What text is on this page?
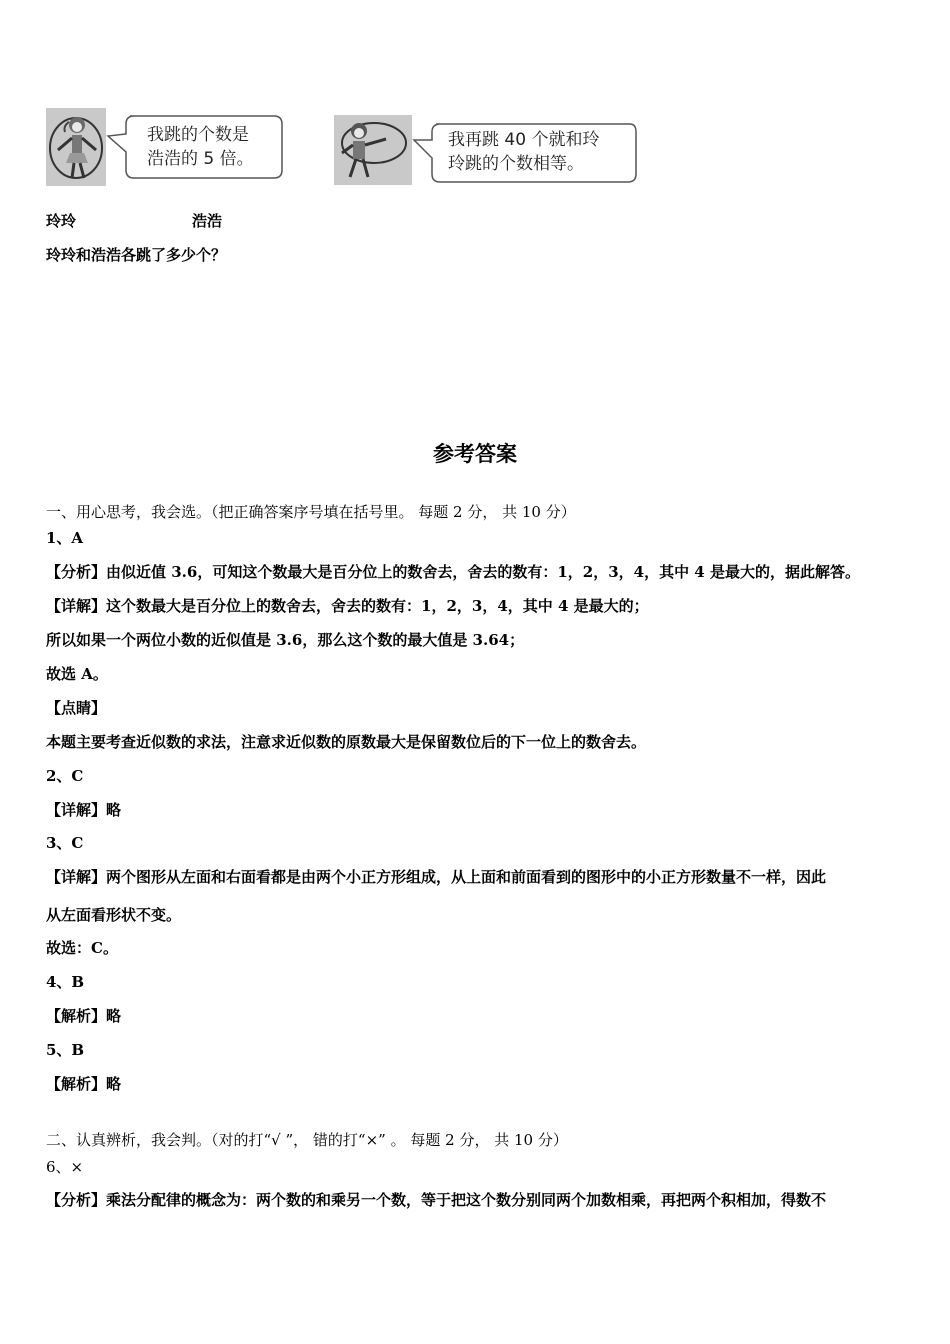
我跳的个数是
浩浩的 5 倍。
我再跳 40 个就和玲
玲跳的个数相等。
玲玲	浩浩
玲玲和浩浩各跳了多少个？
参考答案
一、用心思考，我会选。（把正确答案序号填在括号里。 每题 2 分， 共 10 分）
1、A
【分析】由似近值 3.6，可知这个数最大是百分位上的数舍去，舍去的数有：1，2，3，4，其中 4 是最大的，据此解答。
【详解】这个数最大是百分位上的数舍去，舍去的数有：1，2，3，4，其中 4 是最大的；
所以如果一个两位小数的近似值是 3.6，那么这个数的最大值是 3.64；
故选 A。
【点睛】
本题主要考查近似数的求法，注意求近似数的原数最大是保留数位后的下一位上的数舍去。
2、C
【详解】略
3、C
【详解】两个图形从左面和右面看都是由两个小正方形组成，从上面和前面看到的图形中的小正方形数量不一样，因此
从左面看形状不变。
故选：C。
4、B
【解析】略
5、B
【解析】略
二、认真辨析，我会判。（对的打“√ ”， 错的打“×” 。 每题 2 分， 共 10 分）
6、×
【分析】乘法分配律的概念为：两个数的和乘另一个数，等于把这个数分别同两个加数相乘，再把两个积相加，得数不
